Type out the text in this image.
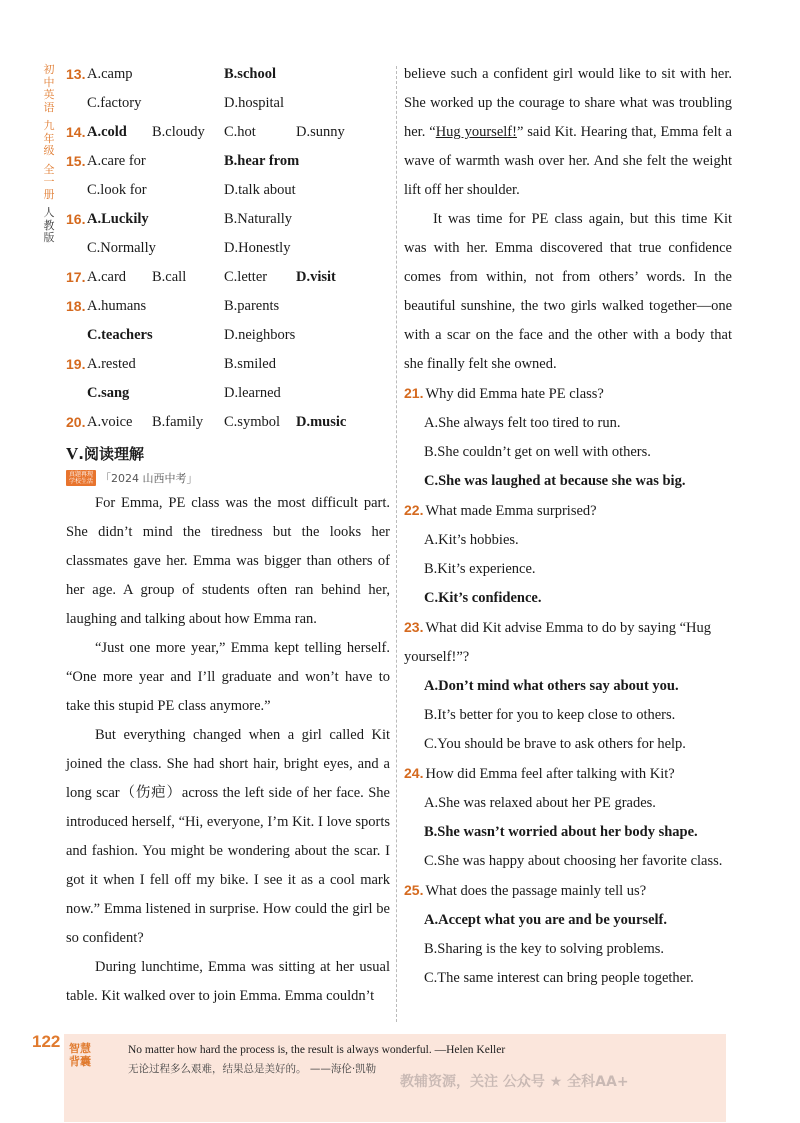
初中英语
九年级
全一册
人教版
13. A.camp	B.school
C.factory	D.hospital
14. A.cold B.cloudy C.hot	D.sunny
15. A.care for	B.hear from
C.look for	D.talk about
16. A.Luckily	B.Naturally
C.Normally	D.Honestly
17. A.card B.call	C.letter D.visit
18. A.humans	B.parents
C.teachers	D.neighbors
19. A.rested	B.smiled
C.sang	D.learned
20. A.voice B.family C.symbol D.music
V.阅读理解
真题再现 学校生活 「2024 山西中考」

For Emma, PE class was the most difficult part. She didn’t mind the tiredness but the looks her classmates gave her. Emma was bigger than others of her age. A group of students often ran behind her, laughing and talking about how Emma ran.

“Just one more year,” Emma kept telling herself. “One more year and I’ll graduate and won’t have to take this stupid PE class anymore.”

But everything changed when a girl called Kit joined the class. She had short hair, bright eyes, and a long scar（伤疤）across the left side of her face. She introduced herself, “Hi, everyone, I’m Kit. I love sports and fashion. You might be wondering about the scar. I got it when I fell off my bike. I see it as a cool mark now.” Emma listened in surprise. How could the girl be so confident?

During lunchtime, Emma was sitting at her usual table. Kit walked over to join Emma. Emma couldn’t

believe such a confident girl would like to sit with her. She worked up the courage to share what was troubling her. “Hug yourself!” said Kit. Hearing that, Emma felt a wave of warmth wash over her. And she felt the weight lift off her shoulder.

It was time for PE class again, but this time Kit was with her. Emma discovered that true confidence comes from within, not from others’ words. In the beautiful sunshine, the two girls walked together—one with a scar on the face and the other with a body that she finally felt she owned.

21. Why did Emma hate PE class?

A.She always felt too tired to run.

B.She couldn’t get on well with others.

C.She was laughed at because she was big.

22. What made Emma surprised?

A.Kit’s hobbies.

B.Kit’s experience.

C.Kit’s confidence.

23. What did Kit advise Emma to do by saying “Hug yourself!”?

A.Don’t mind what others say about you.

B.It’s better for you to keep close to others.

C.You should be brave to ask others for help.

24. How did Emma feel after talking with Kit?

A.She was relaxed about her PE grades.

B.She wasn’t worried about her body shape.

C.She was happy about choosing her favorite class.

25. What does the passage mainly tell us?

A.Accept what you are and be yourself.

B.Sharing is the key to solving problems.

C.The same interest can bring people together.

122 智慧背囊
No matter how hard the process is, the result is always wonderful. —Helen Keller
无论过程多么艰难，结果总是美好的。 ——海伦·凯勒
教辅资源，关注 公众号 ★ 全科AA+
